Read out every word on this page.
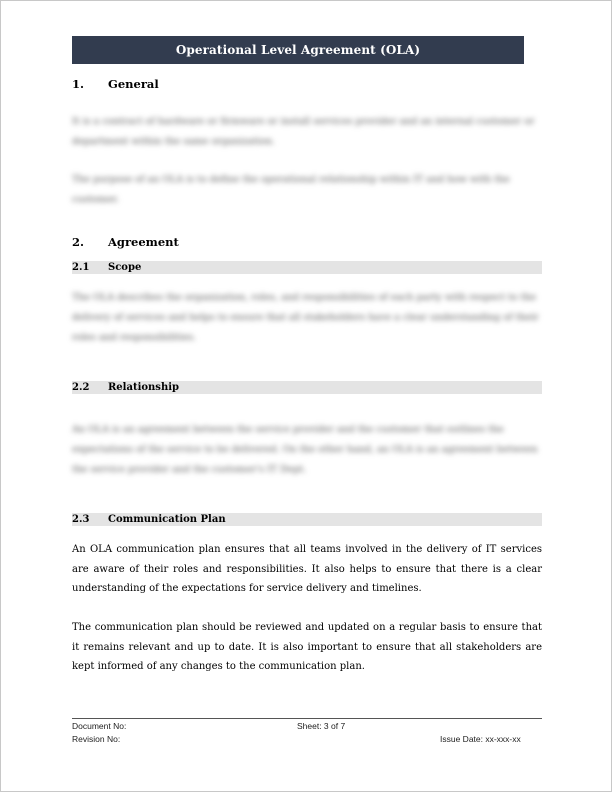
Operational Level Agreement (OLA)
1. General
It is a contract of hardware or firmware or install services provider and an internal customer or department within the same organization.
The purpose of an OLA is to define the operational relationship within IT and how with the customer.
2. Agreement
2.1 Scope
The OLA describes the organization, roles, and responsibilities of each party with respect to the delivery of services and helps to ensure that all stakeholders have a clear understanding of their roles and responsibilities.
2.2 Relationship
An OLA is an agreement between the service provider and the customer that outlines the expectations of the service to be delivered. On the other hand, an OLA is an agreement between the service provider and the customer's IT Dept.
2.3 Communication Plan
An OLA communication plan ensures that all teams involved in the delivery of IT services are aware of their roles and responsibilities. It also helps to ensure that there is a clear understanding of the expectations for service delivery and timelines.
The communication plan should be reviewed and updated on a regular basis to ensure that it remains relevant and up to date. It is also important to ensure that all stakeholders are kept informed of any changes to the communication plan.
Document No:
Revision No:
Sheet: 3 of 7
Issue Date: xx-xxx-xx
